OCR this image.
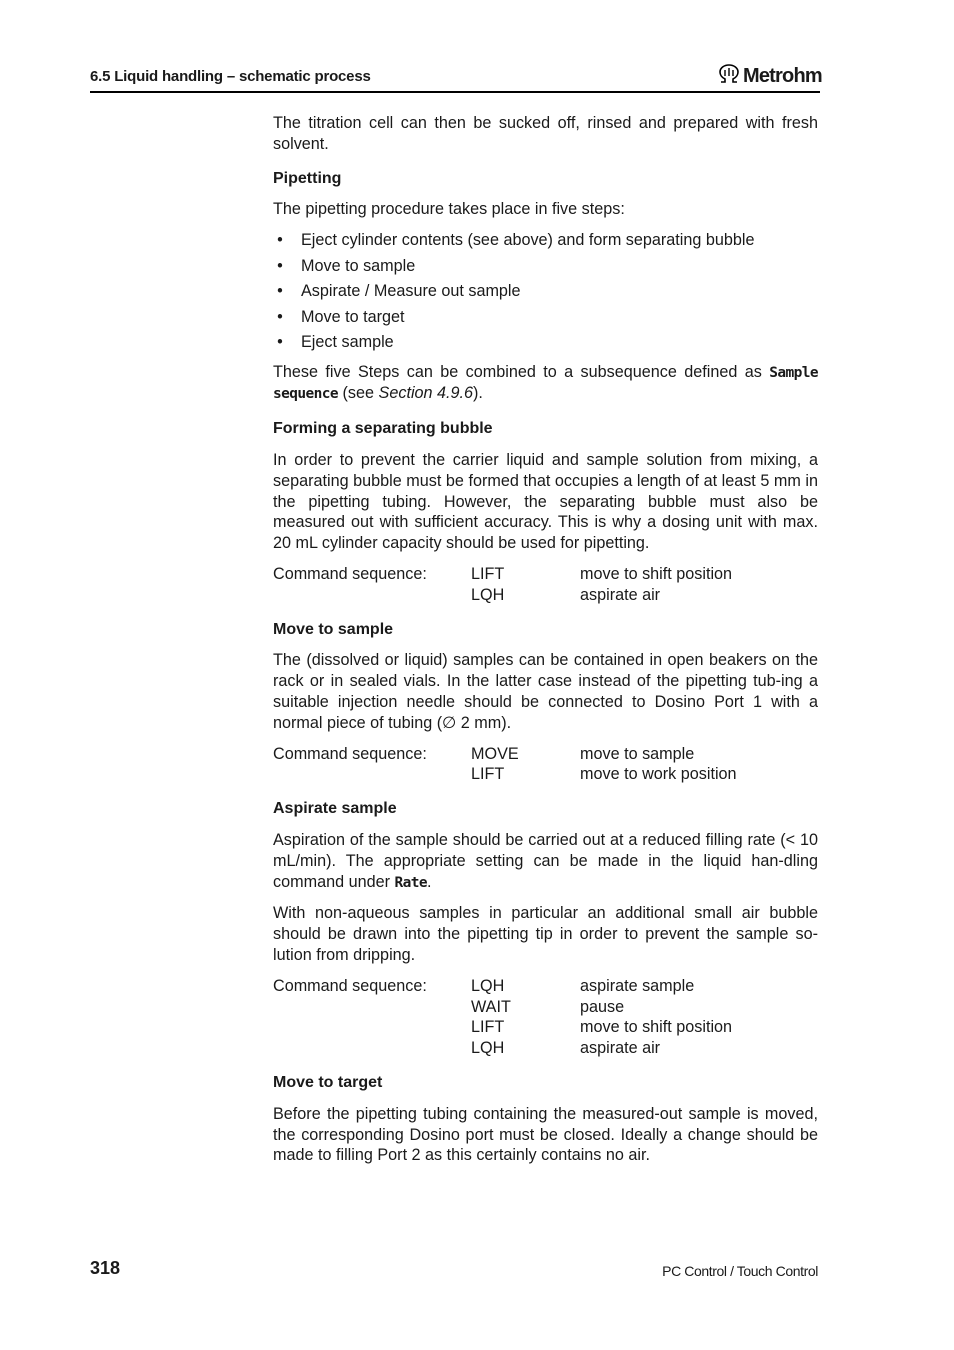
6.5 Liquid handling – schematic process	Metrohm

The titration cell can then be sucked off, rinsed and prepared with fresh solvent.

Pipetting

The pipetting procedure takes place in five steps:

• Eject cylinder contents (see above) and form separating bubble
• Move to sample
• Aspirate / Measure out sample
• Move to target
• Eject sample

These five Steps can be combined to a subsequence defined as Sample sequence (see Section 4.9.6).

Forming a separating bubble

In order to prevent the carrier liquid and sample solution from mixing, a separating bubble must be formed that occupies a length of at least 5 mm in the pipetting tubing. However, the separating bubble must also be measured out with sufficient accuracy. This is why a dosing unit with max. 20 mL cylinder capacity should be used for pipetting.

Command sequence:	LIFT	move to shift position
	LQH	aspirate air
Move to sample

The (dissolved or liquid) samples can be contained in open beakers on the rack or in sealed vials. In the latter case instead of the pipetting tub-ing a suitable injection needle should be connected to Dosino Port 1 with a normal piece of tubing (∅ 2 mm).

Command sequence:	MOVE	move to sample
	LIFT	move to work position
Aspirate sample

Aspiration of the sample should be carried out at a reduced filling rate (< 10 mL/min). The appropriate setting can be made in the liquid han-dling command under Rate.

With non-aqueous samples in particular an additional small air bubble should be drawn into the pipetting tip in order to prevent the sample so-lution from dripping.

Command sequence:	LQH	aspirate sample
	WAIT	pause
	LIFT	move to shift position
	LQH	aspirate air
Move to target

Before the pipetting tubing containing the measured-out sample is moved, the corresponding Dosino port must be closed. Ideally a change should be made to filling Port 2 as this certainly contains no air.

318	PC Control / Touch Control
